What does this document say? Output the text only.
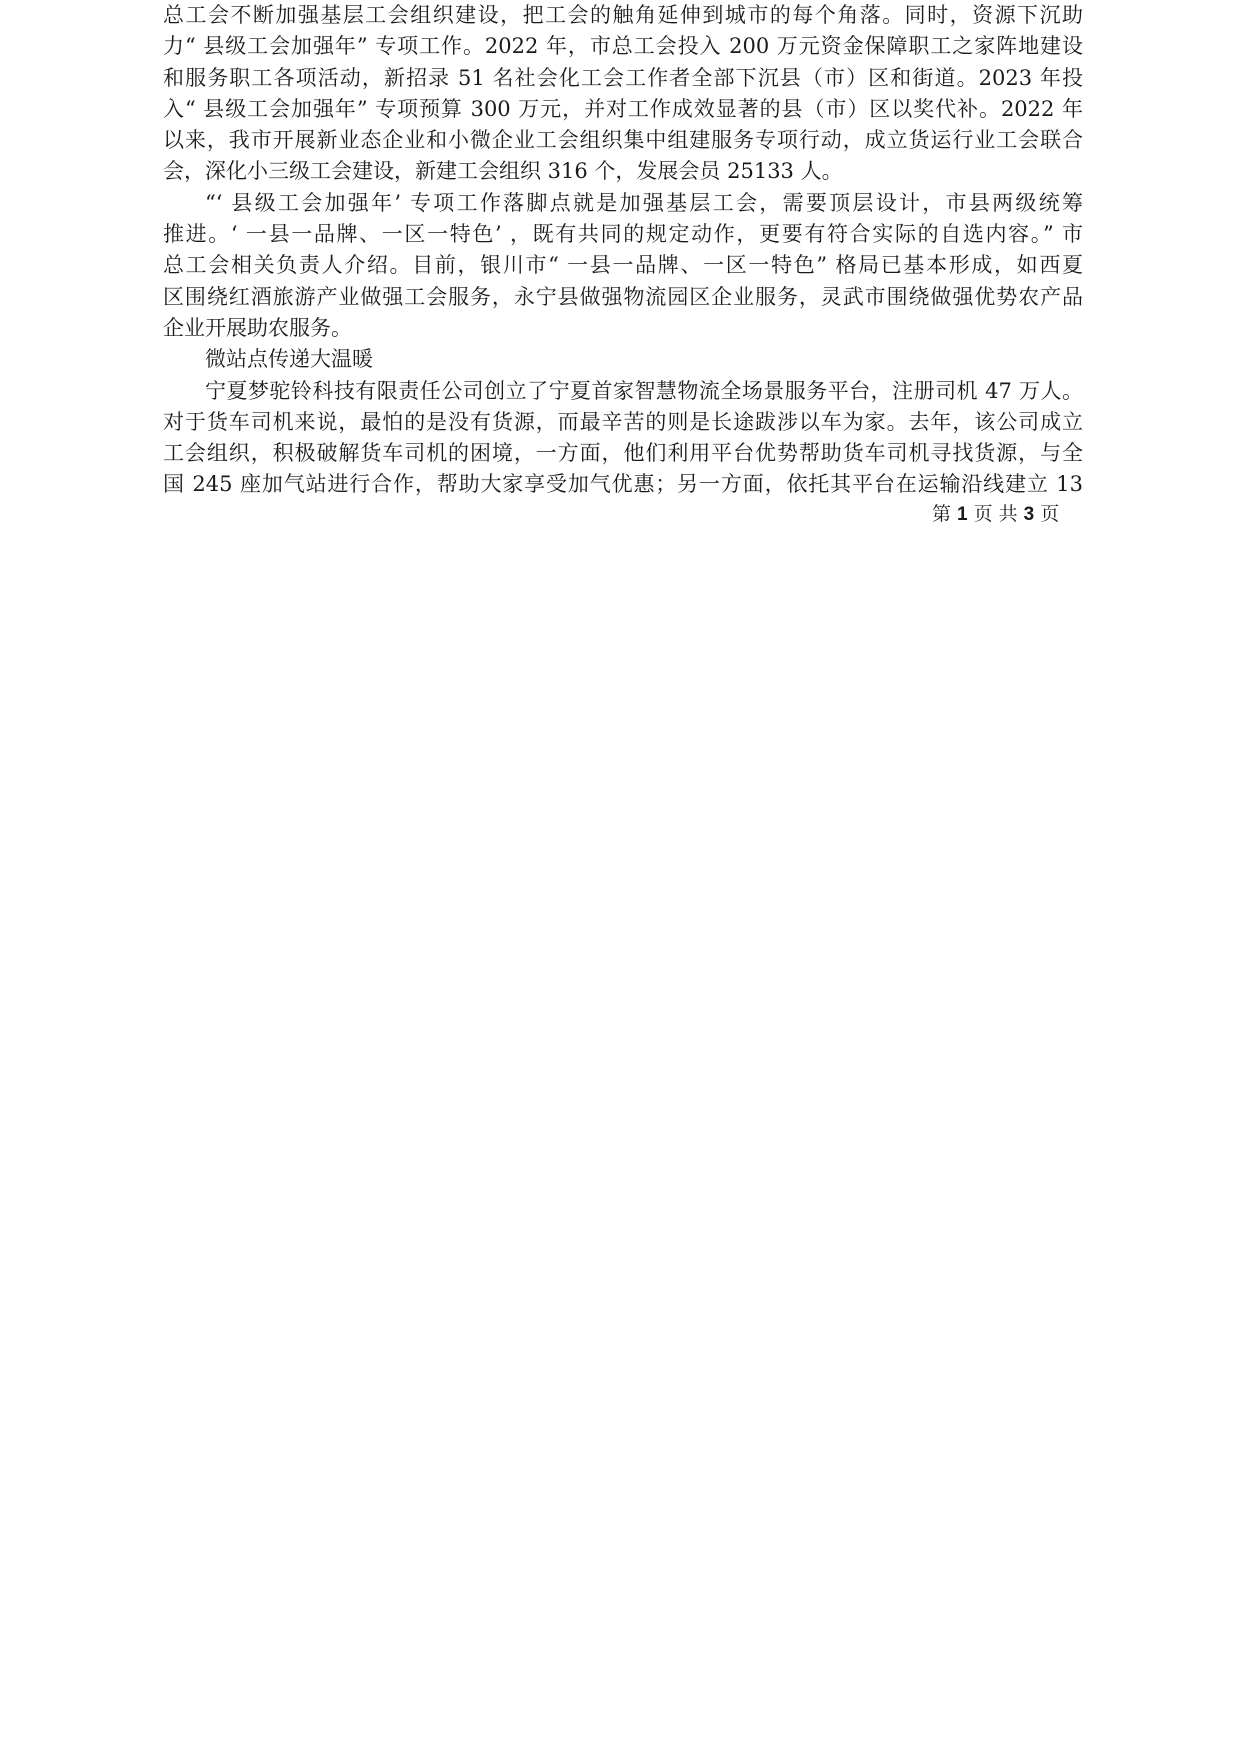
总工会不断加强基层工会组织建设，把工会的触角延伸到城市的每个角落。同时，资源下沉助
力“ 县级工会加强年” 专项工作。2022 年，市总工会投入 200 万元资金保障职工之家阵地建设
和服务职工各项活动，新招录 51 名社会化工会工作者全部下沉县（市）区和街道。2023 年投
入“ 县级工会加强年” 专项预算 300 万元，并对工作成效显著的县（市）区以奖代补。2022 年
以来，我市开展新业态企业和小微企业工会组织集中组建服务专项行动，成立货运行业工会联合
会，深化小三级工会建设，新建工会组织 316 个，发展会员 25133 人。
“‘ 县级工会加强年’ 专项工作落脚点就是加强基层工会，需要顶层设计，市县两级统筹
推进。‘ 一县一品牌、一区一特色’ ，既有共同的规定动作，更要有符合实际的自选内容。” 市
总工会相关负责人介绍。目前，银川市“ 一县一品牌、一区一特色” 格局已基本形成，如西夏
区围绕红酒旅游产业做强工会服务，永宁县做强物流园区企业服务，灵武市围绕做强优势农产品
企业开展助农服务。
微站点传递大温暖
宁夏梦驼铃科技有限责任公司创立了宁夏首家智慧物流全场景服务平台，注册司机 47 万人。
对于货车司机来说，最怕的是没有货源，而最辛苦的则是长途跋涉以车为家。去年，该公司成立
工会组织，积极破解货车司机的困境，一方面，他们利用平台优势帮助货车司机寻找货源，与全
国 245 座加气站进行合作，帮助大家享受加气优惠；另一方面，依托其平台在运输沿线建立 13
第 1 页 共 3 页
